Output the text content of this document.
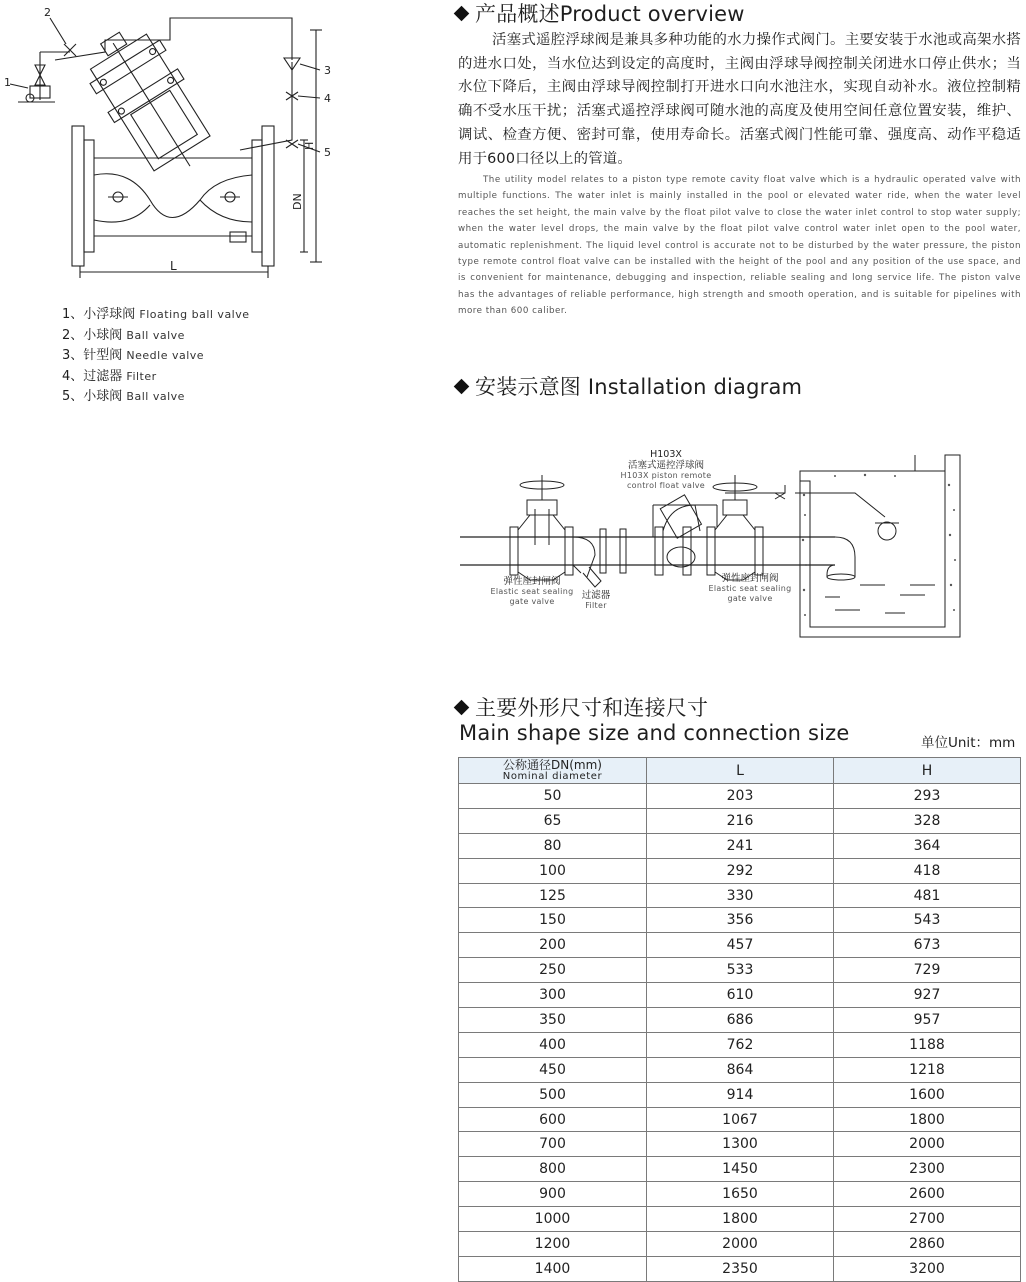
2
1
3
4
5
L
DN
H
1、小浮球阀 Floating ball valve
2、小球阀 Ball valve
3、针型阀 Needle valve
4、过滤器 Filter
5、小球阀 Ball valve
产品概述Product overview
活塞式遥腔浮球阀是兼具多种功能的水力操作式阀门。主要安装于水池或高架水搭的进水口处，当水位达到设定的高度时，主阀由浮球导阀控制关闭进水口停止供水；当水位下降后，主阀由浮球导阀控制打开进水口向水池注水，实现自动补水。液位控制精确不受水压干扰；活塞式遥控浮球阀可随水池的高度及使用空间任意位置安装，维护、调试、检查方便、密封可靠，使用寿命长。活塞式阀门性能可靠、强度高、动作平稳适用于600口径以上的管道。
The utility model relates to a piston type remote cavity float valve which is a hydraulic operated valve with multiple functions. The water inlet is mainly installed in the pool or elevated water ride, when the water level reaches the set height, the main valve by the float pilot valve to close the water inlet control to stop water supply; when the water level drops, the main valve by the float pilot valve control water inlet open to the pool water, automatic replenishment. The liquid level control is accurate not to be disturbed by the water pressure, the piston type remote control float valve can be installed with the height of the pool and any position of the use space, and is convenient for maintenance, debugging and inspection, reliable sealing and long service life. The piston valve has the advantages of reliable performance, high strength and smooth operation, and is suitable for pipelines with more than 600 caliber.
安装示意图 Installation diagram
H103X
活塞式遥控浮球阀
H103X piston remote
control float valve
弹性座封闸阀
Elastic seat sealing
gate valve
过滤器
Filter
弹性座封闸阀
Elastic seat sealing
gate valve
主要外形尺寸和连接尺寸
Main shape size and connection size	单位Unit：mm
公称通径DN(mm)
Nominal diameter	L	H
50	203	293
65	216	328
80	241	364
100	292	418
125	330	481
150	356	543
200	457	673
250	533	729
300	610	927
350	686	957
400	762	1188
450	864	1218
500	914	1600
600	1067	1800
700	1300	2000
800	1450	2300
900	1650	2600
1000	1800	2700
1200	2000	2860
1400	2350	3200
